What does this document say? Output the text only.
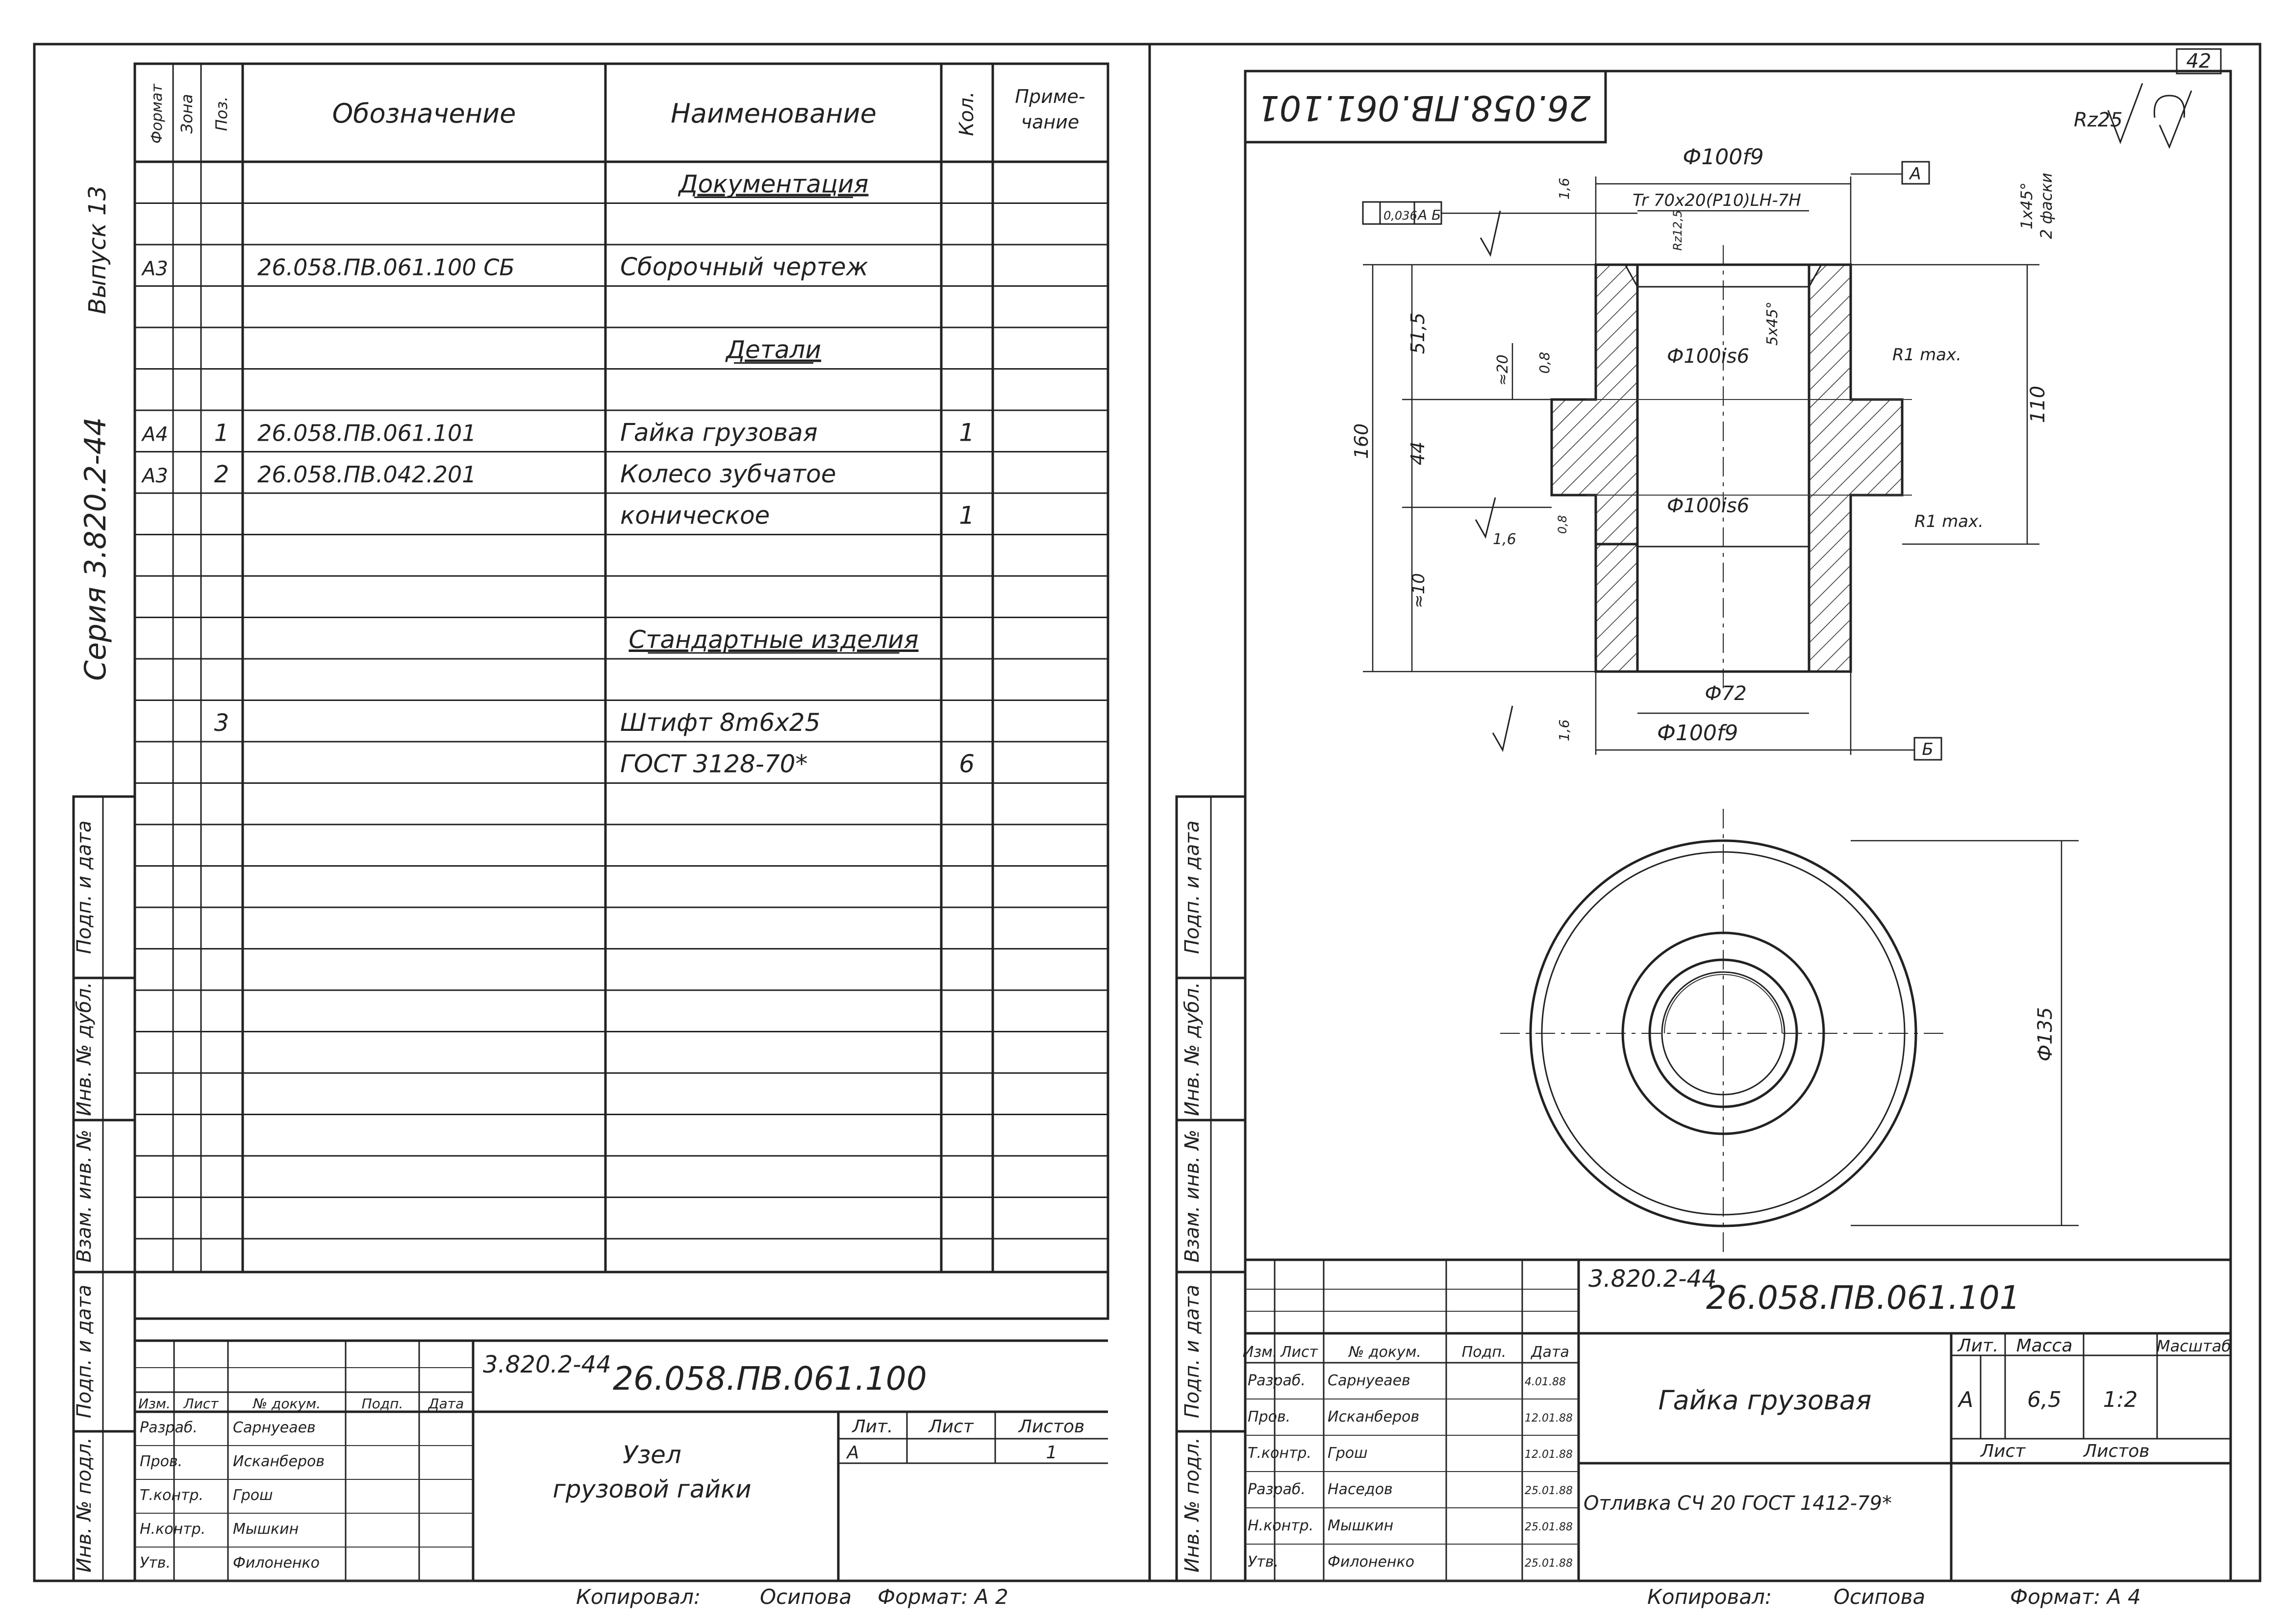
42
Формат Зона Поз.	Обозначение	Наименование	Кол. Приме-
чание
Документация
А3	26.058.ПВ.061.100 СБ	Сборочный чертеж
Детали
А4 1 26.058.ПВ.061.101	Гайка грузовая	1
А3 2 26.058.ПВ.042.201	Колесо зубчатое
коническое	1
Стандартные изделия
3	Штифт 8m6x25
ГОСТ 3128-70*	6
Выпуск 13
Серия 3.820.2-44
Подп. и дата
Инв. № дубл.
Взам. инв. №
Подп. и дата
Инв. № подл.
3.820.2-44 26.058.ПВ.061.100
Изм. Лист	№ докум.	Подп. Дата
Разраб. Сарнуеаев
Пров.	Исканберов
Т.контр. Грош
Н.контр. Мышкин
Утв.	Филоненко
Узел
грузовой гайки
Лит. Лист	Листов
А	1
Копировал:	Осипова Формат: А 2
26.058.ПВ.061.101	Rz25
Ф100f9
Tr 70x20(P10)LH-7H
0,036 А Б
А
Б
1x45° 2 фаски
5x45°
1,6
0,8
0,8
1,6
1,6
Rz12,5
51,5
≈20
44
160
≈10
110
Ф100is6
Ф100is6
R1 max.
R1 max.
Ф72
Ф100f9
Ф135
Подп. и дата
Инв. № дубл.
Взам. инв. №
Подп. и дата
Инв. № подл.
3.820.2-44
26.058.ПВ.061.101
Изм. Лист № докум.	Подп. Дата
Разраб. Сарнуеаев	4.01.88
Пров.	Исканберов	12.01.88
Т.контр. Грош	12.01.88
Разраб. Наседов	25.01.88
Н.контр. Мышкин	25.01.88
Утв.	Филоненко	25.01.88
Гайка грузовая
Отливка СЧ 20 ГОСТ 1412-79*
Лит. Масса	Масштаб
А 6,5 1:2
Лист	Листов
Копировал:	Осипова	Формат: А 4
